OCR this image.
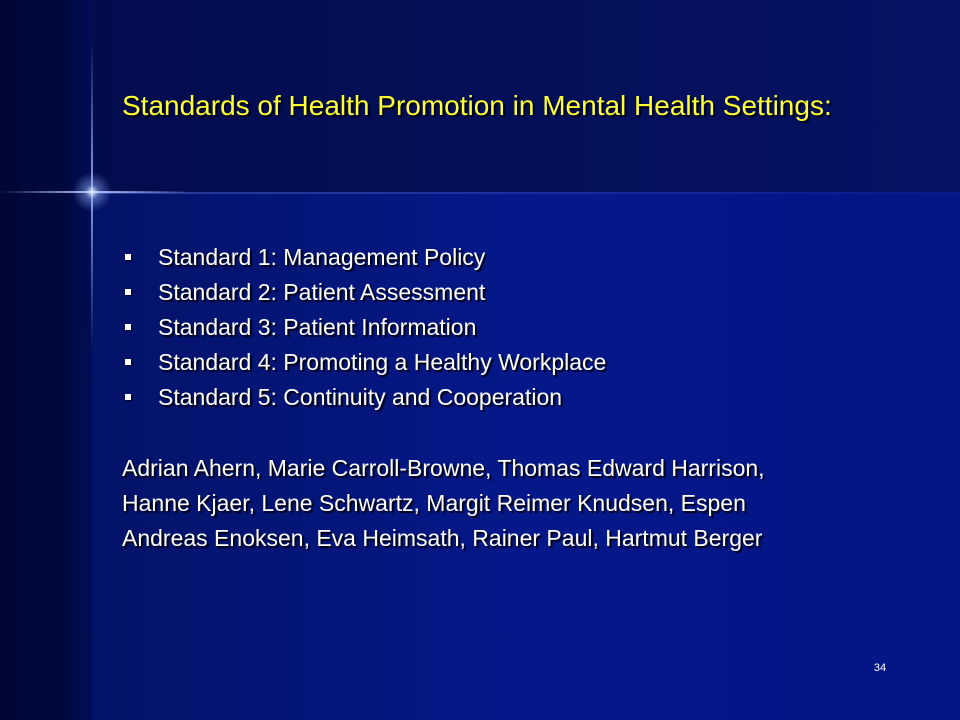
Standards of Health Promotion in Mental Health Settings:
Standard 1: Management Policy
Standard 2: Patient Assessment
Standard 3: Patient Information
Standard 4: Promoting a Healthy Workplace
Standard 5: Continuity and Cooperation

Adrian Ahern, Marie Carroll-Browne, Thomas Edward Harrison,
Hanne Kjaer, Lene Schwartz, Margit Reimer Knudsen, Espen
Andreas Enoksen, Eva Heimsath, Rainer Paul, Hartmut Berger

34
